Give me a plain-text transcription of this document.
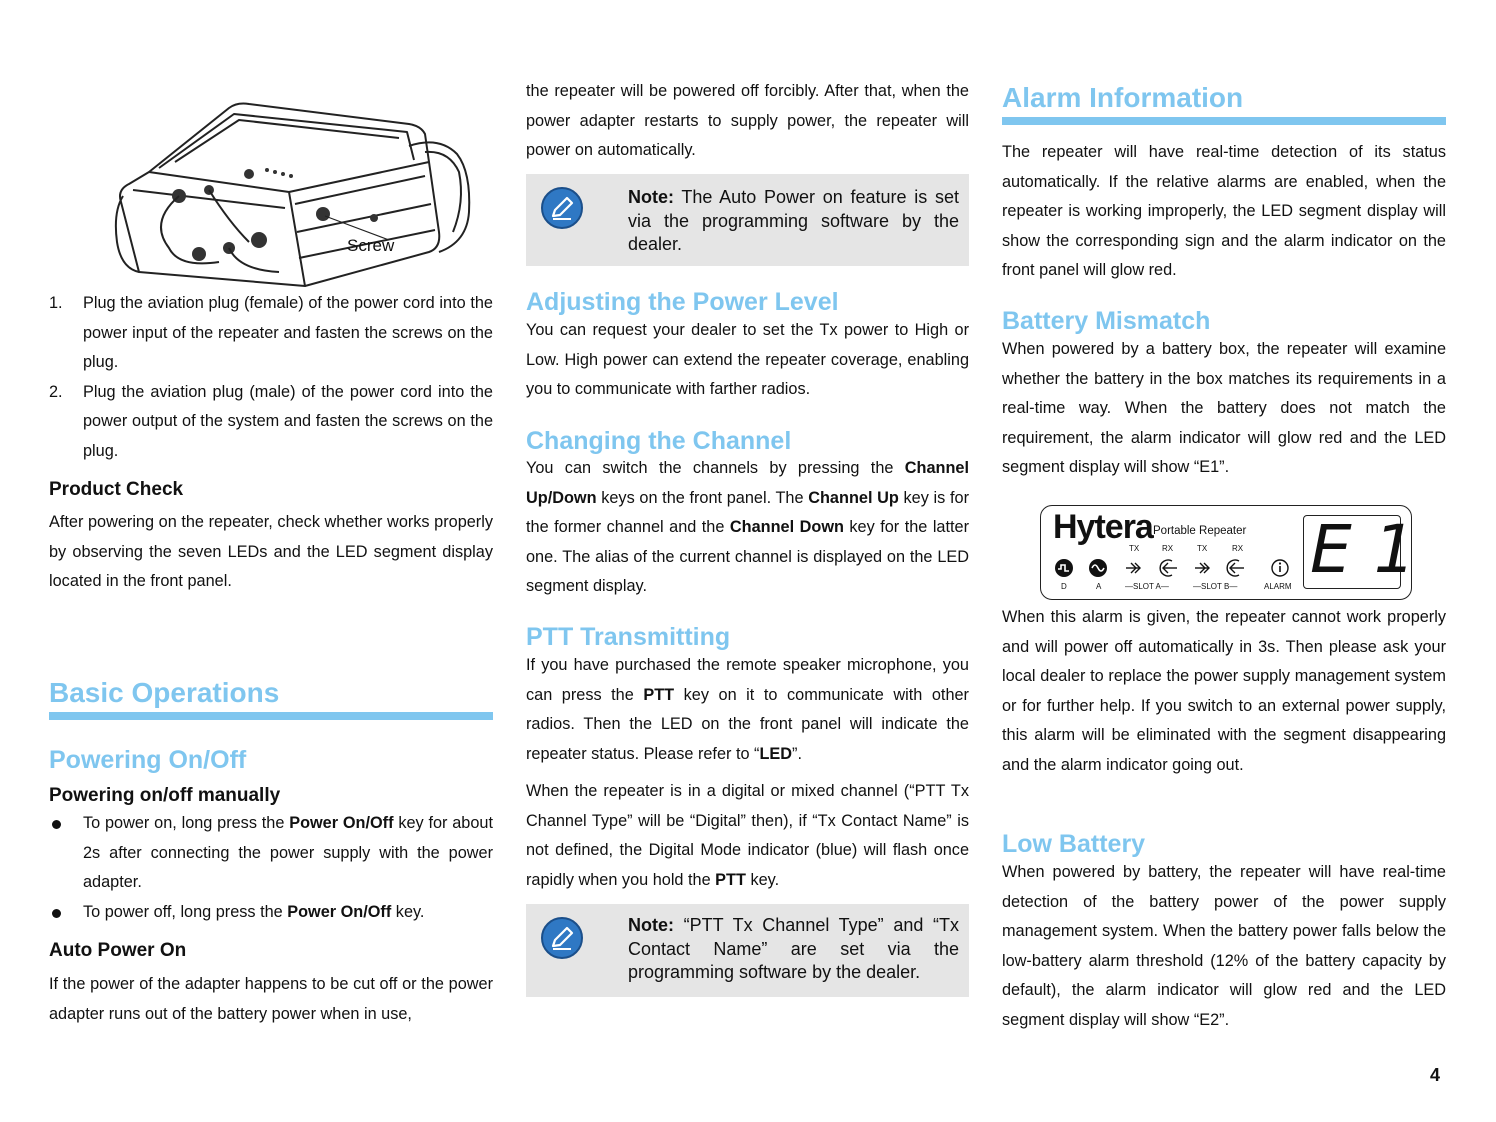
Screw
1. Plug the aviation plug (female) of the power cord into the power input of the repeater and fasten the screws on the plug.
2. Plug the aviation plug (male) of the power cord into the power output of the system and fasten the screws on the plug.
Product Check

After powering on the repeater, check whether works properly by observing the seven LEDs and the LED segment display located in the front panel.

Basic Operations
Powering On/Off
Powering on/off manually
To power on, long press the Power On/Off key for about 2s after connecting the power supply with the power adapter.
To power off, long press the Power On/Off key.
Auto Power On

If the power of the adapter happens to be cut off or the power adapter runs out of the battery power when in use,

the repeater will be powered off forcibly. After that, when the power adapter restarts to supply power, the repeater will power on automatically.

Note: The Auto Power on feature is set via the programming software by the dealer.
Adjusting the Power Level

You can request your dealer to set the Tx power to High or Low. High power can extend the repeater coverage, enabling you to communicate with farther radios.

Changing the Channel

You can switch the channels by pressing the Channel Up/Down keys on the front panel. The Channel Up key is for the former channel and the Channel Down key for the latter one. The alias of the current channel is displayed on the LED segment display.

PTT Transmitting

If you have purchased the remote speaker microphone, you can press the PTT key on it to communicate with other radios. Then the LED on the front panel will indicate the repeater status. Please refer to “LED”.

When the repeater is in a digital or mixed channel (“PTT Tx Channel Type” will be “Digital” then), if “Tx Contact Name” is not defined, the Digital Mode indicator (blue) will flash once rapidly when you hold the PTT key.

Note: “PTT Tx Channel Type” and “Tx Contact Name” are set via the programming software by the dealer.
Alarm Information

The repeater will have real-time detection of its status automatically. If the relative alarms are enabled, when the repeater is working improperly, the LED segment display will show the corresponding sign and the alarm indicator on the front panel will glow red.

Battery Mismatch

When powered by a battery box, the repeater will examine whether the battery in the box matches its requirements in a real-time way. When the battery does not match the requirement, the alarm indicator will glow red and the LED segment display will show “E1”.

Hytera Portable Repeater
TX	RX	TX	RX
D	A	—SLOT A—	—SLOT B—	ALARM E1

When this alarm is given, the repeater cannot work properly and will power off automatically in 3s. Then please ask your local dealer to replace the power supply management system or for further help. If you switch to an external power supply, this alarm will be eliminated with the segment disappearing and the alarm indicator going out.

Low Battery

When powered by battery, the repeater will have real-time detection of the battery power of the power supply management system. When the battery power falls below the low-battery alarm threshold (12% of the battery capacity by default), the alarm indicator will glow red and the LED segment display will show “E2”.

4
